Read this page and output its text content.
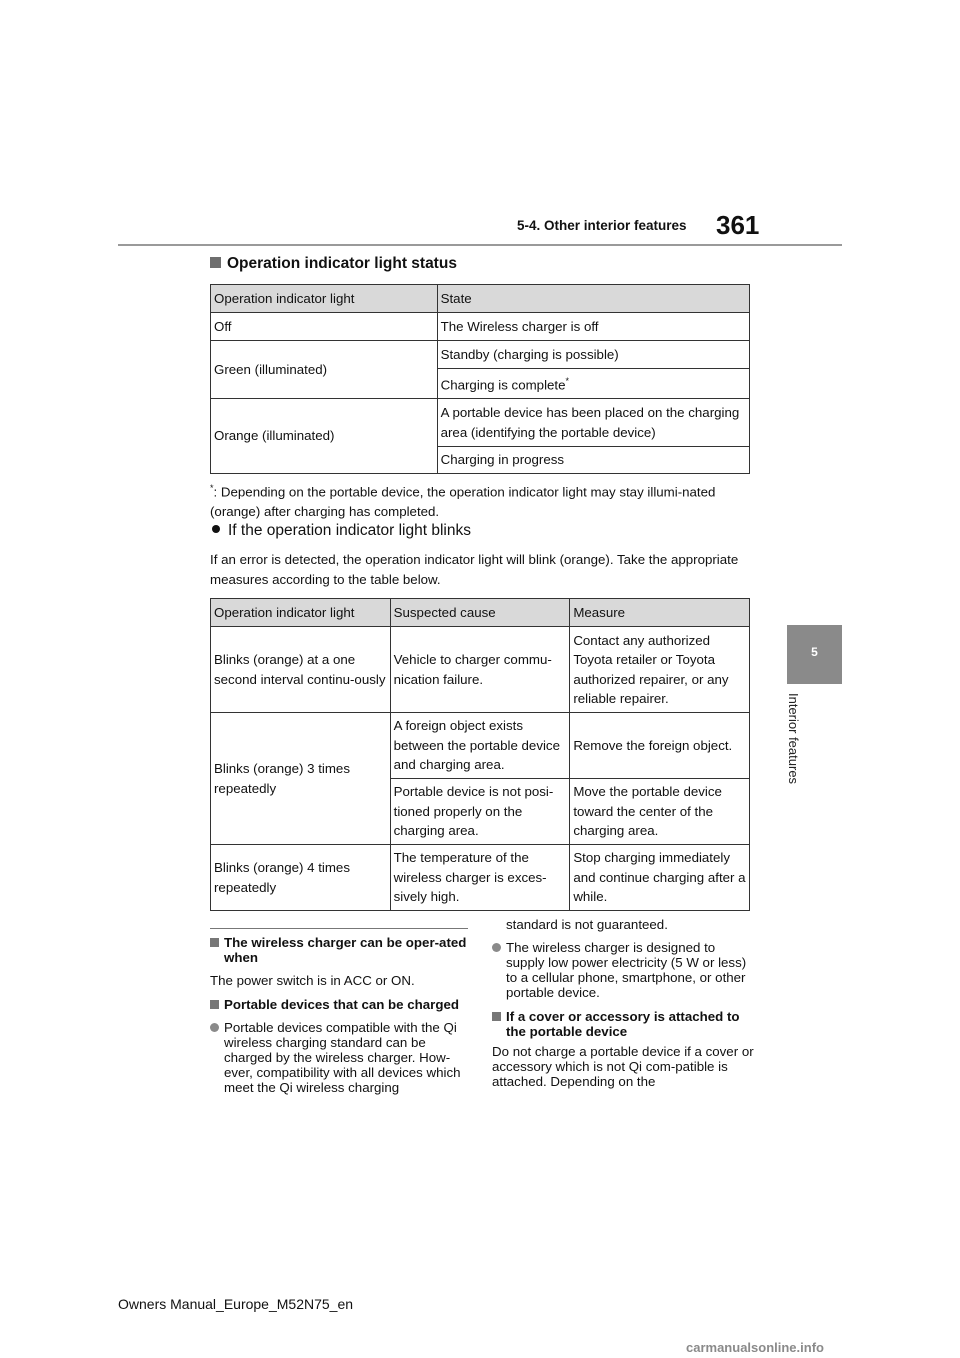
5-4. Other interior features 361
5
Interior features
Operation indicator light status
Operation indicator light	State
Off	The Wireless charger is off
Green (illuminated)	Standby (charging is possible)
	Charging is complete*
Orange (illuminated)	A portable device has been placed on the charging area (identifying the portable device)
	Charging in progress
*: Depending on the portable device, the operation indicator light may stay illumi-nated (orange) after charging has completed.
If the operation indicator light blinks
If an error is detected, the operation indicator light will blink (orange). Take the appropriate measures according to the table below.
Operation indicator light	Suspected cause	Measure
Blinks (orange) at a one second interval continu-ously	Vehicle to charger commu-nication failure.	Contact any authorized Toyota retailer or Toyota authorized repairer, or any reliable repairer.
Blinks (orange) 3 times repeatedly	A foreign object exists between the portable device and charging area.	Remove the foreign object.
	Portable device is not posi-tioned properly on the charging area.	Move the portable device toward the center of the charging area.
Blinks (orange) 4 times repeatedly	The temperature of the wireless charger is exces-sively high.	Stop charging immediately and continue charging after a while.
The wireless charger can be oper-ated when
The power switch is in ACC or ON.
Portable devices that can be charged
Portable devices compatible with the Qi wireless charging standard can be charged by the wireless charger. How-ever, compatibility with all devices which meet the Qi wireless charging
standard is not guaranteed.
The wireless charger is designed to supply low power electricity (5 W or less) to a cellular phone, smartphone, or other portable device.
If a cover or accessory is attached to the portable device
Do not charge a portable device if a cover or accessory which is not Qi com-patible is attached. Depending on the
Owners Manual_Europe_M52N75_en
carmanualsonline.info
